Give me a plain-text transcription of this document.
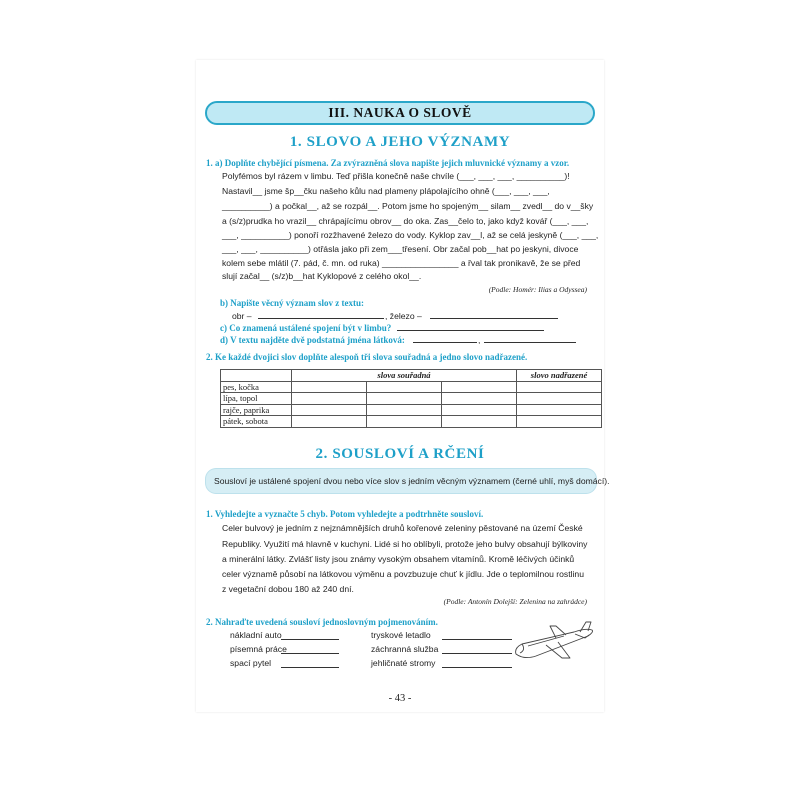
III. NAUKA O SLOVĚ
1. SLOVO A JEHO VÝZNAMY
1. a) Doplňte chybějící písmena. Za zvýrazněná slova napište jejich mluvnické významy a vzor.
Polyfémos byl rázem v limbu. Teď přišla konečně naše chvíle (___, ___, ___, __________)!
Nastavil__ jsme šp__čku našeho kůlu nad plameny plápolajícího ohně (___, ___, ___,
__________) a počkal__, až se rozpál__. Potom jsme ho spojeným__ silam__ zvedl__ do v__šky
a (s/z)prudka ho vrazil__ chrápajícímu obrov__ do oka. Zas__čelo to, jako když kovář (___, ___,
___, __________) ponoří rozžhavené železo do vody. Kyklop zav__l, až se celá jeskyně (___, ___,
___, ___, __________) otřásla jako při zem___třesení. Obr začal pob__hat po jeskyni, divoce
kolem sebe mlátil (7. pád, č. mn. od ruka) ________________ a řval tak pronikavě, že se před
slují začal__ (s/z)b__hat Kyklopové z celého okol__.
(Podle: Homér: Ilias a Odyssea)
b) Napište věcný význam slov z textu:
obr –	, železo –
c) Co znamená ustálené spojení být v limbu?
d) V textu najděte dvě podstatná jména látková:	,
2. Ke každé dvojici slov doplňte alespoň tři slova souřadná a jedno slovo nadřazené.
	slova souřadná			slovo nadřazené
pes, kočka				
lípa, topol				
rajče, paprika				
pátek, sobota				
2. SOUSLOVÍ A RČENÍ
Sousloví je ustálené spojení dvou nebo více slov s jedním věcným významem (černé uhlí, myš domácí).
1. Vyhledejte a vyznačte 5 chyb. Potom vyhledejte a podtrhněte sousloví.
Celer bulvový je jedním z nejznámnějších druhů kořenové zeleniny pěstované na území České
Republiky. Využití má hlavně v kuchyni. Lidé si ho oblíbyli, protože jeho bulvy obsahují býlkoviny
a minerální látky. Zvlášť listy jsou známy vysokým obsahem vitamínů. Kromě léčivých účinků
celer významě působí na látkovou výměnu a povzbuzuje chuť k jídlu. Jde o teplomilnou rostlinu
z vegetační dobou 180 až 240 dní.
(Podle: Antonín Dolejší: Zelenina na zahrádce)
2. Nahraďte uvedená sousloví jednoslovným pojmenováním.
nákladní auto
písemná práce
spací pytel
tryskové letadlo
záchranná služba
jehličnaté stromy
- 43 -
